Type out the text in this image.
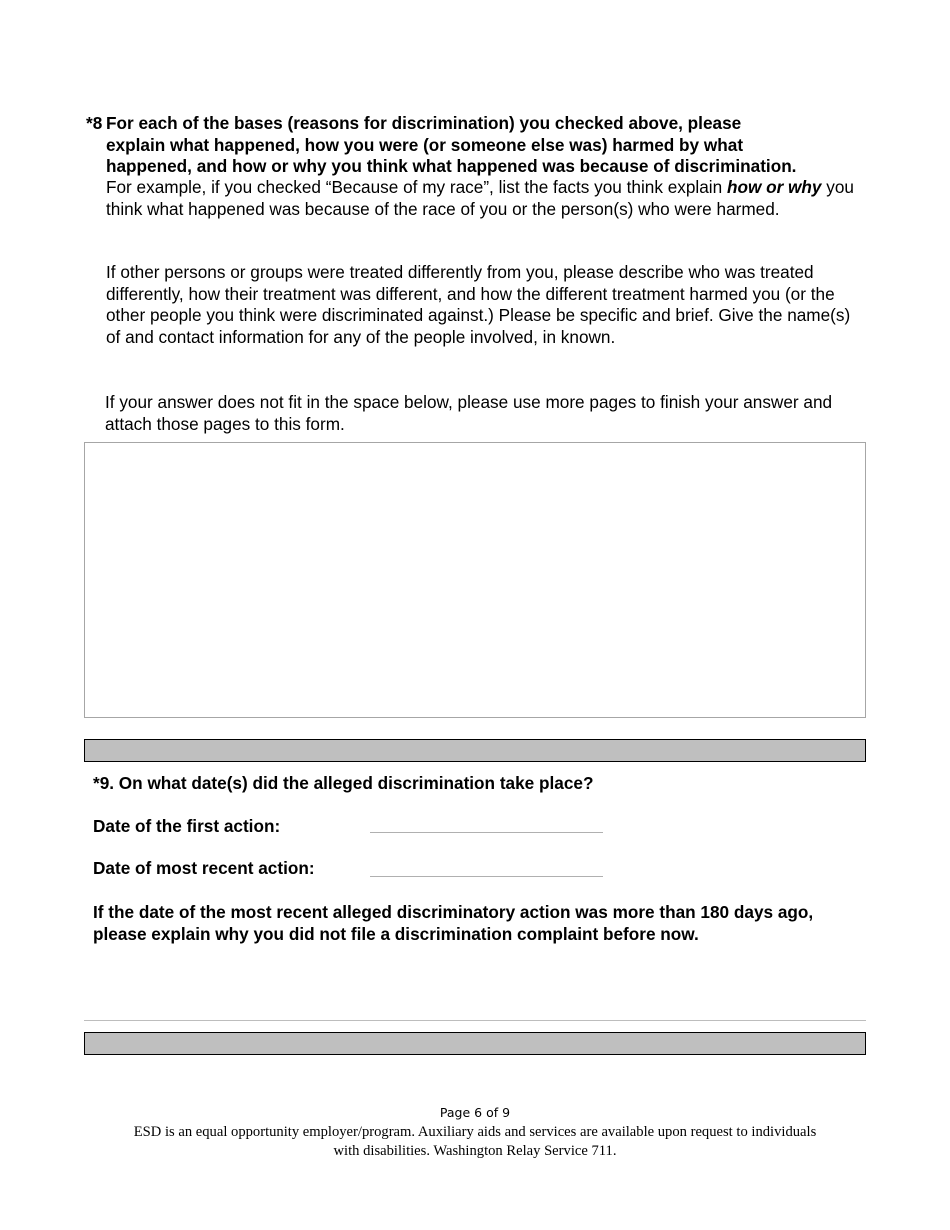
*8 For each of the bases (reasons for discrimination) you checked above, please
explain what happened, how you were (or someone else was) harmed by what
happened, and how or why you think what happened was because of discrimination.

For example, if you checked “Because of my race”, list the facts you think explain how or why you think what happened was because of the race of you or the person(s) who were harmed.

If other persons or groups were treated differently from you, please describe who was treated differently, how their treatment was different, and how the different treatment harmed you (or the other people you think were discriminated against.) Please be specific and brief. Give the name(s) of and contact information for any of the people involved, in known.

If your answer does not fit in the space below, please use more pages to finish your answer and attach those pages to this form.

*9. On what date(s) did the alleged discrimination take place?
Date of the first action:
Date of most recent action:
If the date of the most recent alleged discriminatory action was more than 180 days ago, please explain why you did not file a discrimination complaint before now.
Page 6 of 9
ESD is an equal opportunity employer/program. Auxiliary aids and services are available upon request to individuals
with disabilities. Washington Relay Service 711.
